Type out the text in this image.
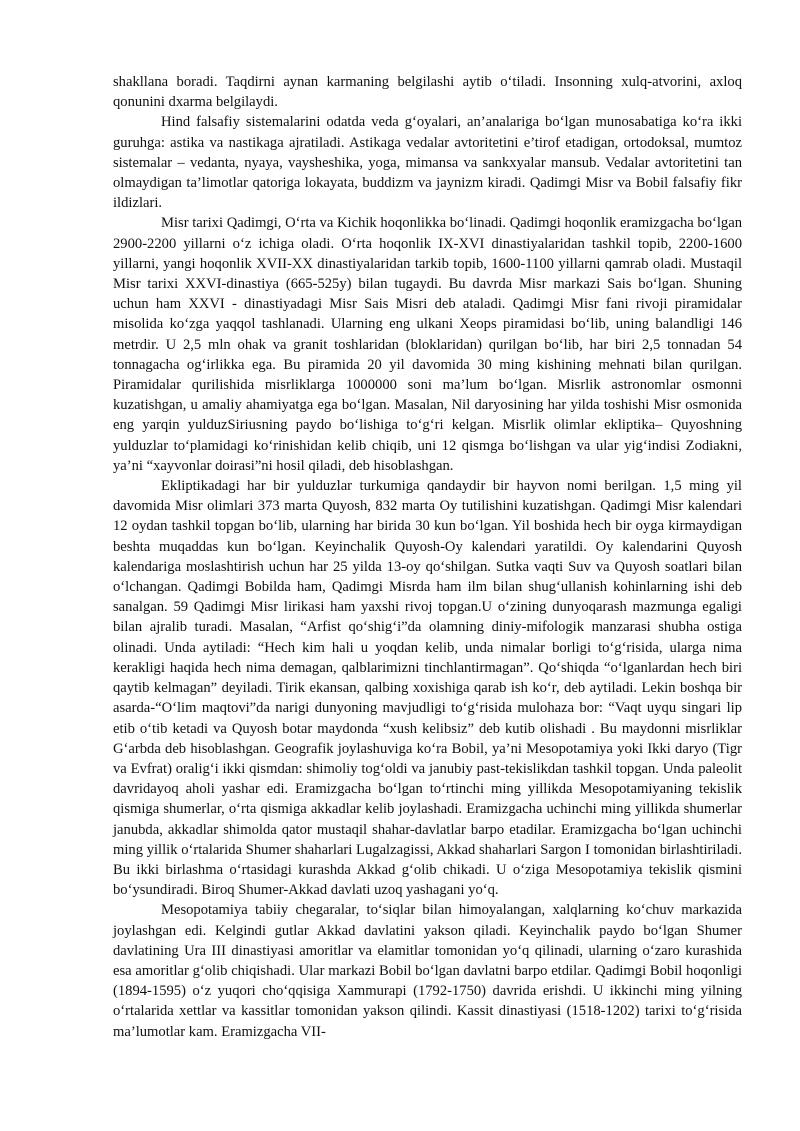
shakllana boradi. Taqdirni aynan karmaning belgilashi aytib o‘tiladi. Insonning xulq-atvorini, axloq qonunini dxarma belgilaydi.

Hind falsafiy sistemalarini odatda veda g‘oyalari, an’analariga bo‘lgan munosabatiga ko‘ra ikki guruhga: astika va nastikaga ajratiladi. Astikaga vedalar avtoritetini e’tirof etadigan, ortodoksal, mumtoz sistemalar – vedanta, nyaya, vaysheshika, yoga, mimansa va sankxyalar mansub. Vedalar avtoritetini tan olmaydigan ta’limotlar qatoriga lokayata, buddizm va jaynizm kiradi. Qadimgi Misr va Bobil falsafiy fikr ildizlari.

Misr tarixi Qadimgi, O‘rta va Kichik hoqonlikka bo‘linadi. Qadimgi hoqonlik eramizgacha bo‘lgan 2900-2200 yillarni o‘z ichiga oladi. O‘rta hoqonlik IX-XVI dinastiyalaridan tashkil topib, 2200-1600 yillarni, yangi hoqonlik XVII-XX dinastiyalaridan tarkib topib, 1600-1100 yillarni qamrab oladi. Mustaqil Misr tarixi XXVI-dinastiya (665-525y) bilan tugaydi. Bu davrda Misr markazi Sais bo‘lgan. Shuning uchun ham XXVI - dinastiyadagi Misr Sais Misri deb ataladi. Qadimgi Misr fani rivoji piramidalar misolida ko‘zga yaqqol tashlanadi. Ularning eng ulkani Xeops piramidasi bo‘lib, uning balandligi 146 metrdir. U 2,5 mln ohak va granit toshlaridan (bloklaridan) qurilgan bo‘lib, har biri 2,5 tonnadan 54 tonnagacha og‘irlikka ega. Bu piramida 20 yil davomida 30 ming kishining mehnati bilan qurilgan. Piramidalar qurilishida misrliklarga 1000000 soni ma’lum bo‘lgan. Misrlik astronomlar osmonni kuzatishgan, u amaliy ahamiyatga ega bo‘lgan. Masalan, Nil daryosining har yilda toshishi Misr osmonida eng yarqin yulduzSiriusning paydo bo‘lishiga to‘g‘ri kelgan. Misrlik olimlar ekliptika– Quyoshning yulduzlar to‘plamidagi ko‘rinishidan kelib chiqib, uni 12 qismga bo‘lishgan va ular yig‘indisi Zodiakni, ya’ni “xayvonlar doirasi”ni hosil qiladi, deb hisoblashgan.

Ekliptikadagi har bir yulduzlar turkumiga qandaydir bir hayvon nomi berilgan. 1,5 ming yil davomida Misr olimlari 373 marta Quyosh, 832 marta Oy tutilishini kuzatishgan. Qadimgi Misr kalendari 12 oydan tashkil topgan bo‘lib, ularning har birida 30 kun bo‘lgan. Yil boshida hech bir oyga kirmaydigan beshta muqaddas kun bo‘lgan. Keyinchalik Quyosh-Oy kalendari yaratildi. Oy kalendarini Quyosh kalendariga moslashtirish uchun har 25 yilda 13-oy qo‘shilgan. Sutka vaqti Suv va Quyosh soatlari bilan o‘lchangan. Qadimgi Bobilda ham, Qadimgi Misrda ham ilm bilan shug‘ullanish kohinlarning ishi deb sanalgan. 59 Qadimgi Misr lirikasi ham yaxshi rivoj topgan.U o‘zining dunyoqarash mazmunga egaligi bilan ajralib turadi. Masalan, “Arfist qo‘shig‘i”da olamning diniy-mifologik manzarasi shubha ostiga olinadi. Unda aytiladi: “Hech kim hali u yoqdan kelib, unda nimalar borligi to‘g‘risida, ularga nima kerakligi haqida hech nima demagan, qalblarimizni tinchlantirmagan”. Qo‘shiqda “o‘lganlardan hech biri qaytib kelmagan” deyiladi. Tirik ekansan, qalbing xoxishiga qarab ish ko‘r, deb aytiladi. Lekin boshqa bir asarda-“O‘lim maqtovi”da narigi dunyoning mavjudligi to‘g‘risida mulohaza bor: “Vaqt uyqu singari lip etib o‘tib ketadi va Quyosh botar maydonda “xush kelibsiz” deb kutib olishadi . Bu maydonni misrliklar G‘arbda deb hisoblashgan. Geografik joylashuviga ko‘ra Bobil, ya’ni Mesopotamiya yoki Ikki daryo (Tigr va Evfrat) oralig‘i ikki qismdan: shimoliy tog‘oldi va janubiy past-tekislikdan tashkil topgan. Unda paleolit davridayoq aholi yashar edi. Eramizgacha bo‘lgan to‘rtinchi ming yillikda Mesopotamiyaning tekislik qismiga shumerlar, o‘rta qismiga akkadlar kelib joylashadi. Eramizgacha uchinchi ming yillikda shumerlar janubda, akkadlar shimolda qator mustaqil shahar-davlatlar barpo etadilar. Eramizgacha bo‘lgan uchinchi ming yillik o‘rtalarida Shumer shaharlari Lugalzagissi, Akkad shaharlari Sargon I tomonidan birlashtiriladi. Bu ikki birlashma o‘rtasidagi kurashda Akkad g‘olib chikadi. U o‘ziga Mesopotamiya tekislik qismini bo‘ysundiradi. Biroq Shumer-Akkad davlati uzoq yashagani yo‘q.

Mesopotamiya tabiiy chegaralar, to‘siqlar bilan himoyalangan, xalqlarning ko‘chuv markazida joylashgan edi. Kelgindi gutlar Akkad davlatini yakson qiladi. Keyinchalik paydo bo‘lgan Shumer davlatining Ura III dinastiyasi amoritlar va elamitlar tomonidan yo‘q qilinadi, ularning o‘zaro kurashida esa amoritlar g‘olib chiqishadi. Ular markazi Bobil bo‘lgan davlatni barpo etdilar. Qadimgi Bobil hoqonligi (1894-1595) o‘z yuqori cho‘qqisiga Xammurapi (1792-1750) davrida erishdi. U ikkinchi ming yilning o‘rtalarida xettlar va kassitlar tomonidan yakson qilindi. Kassit dinastiyasi (1518-1202) tarixi to‘g‘risida ma’lumotlar kam. Eramizgacha VII-
